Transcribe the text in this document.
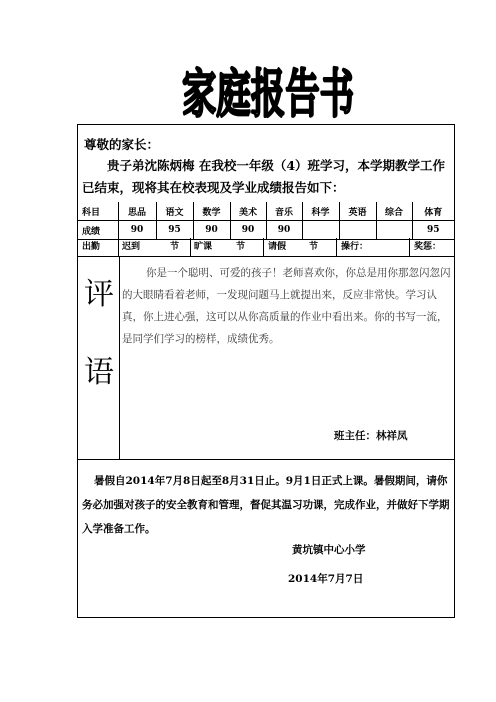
家庭报告书
尊敬的家长：
贵子弟沈陈炳梅 在我校一年级（4）班学习，本学期教学工作已结束，现将其在校表现及学业成绩报告如下：
科目	思品	语文	数学	美术	音乐	科学	英语	综合	体育
成绩	90	95	90	90	90				95
出勤 迟到	节 旷课	节	请假	节	操行：	奖惩：
评
语
你是一个聪明、可爱的孩子！老师喜欢你，你总是用你那忽闪忽闪的大眼睛看着老师，一发现问题马上就提出来，反应非常快。学习认真，你上进心强，这可以从你高质量的作业中看出来。你的书写一流，是同学们学习的榜样，成绩优秀。
班主任：林祥凤
暑假自2014年7月8日起至8月31日止。9月1日正式上课。暑假期间，请你务必加强对孩子的安全教育和管理，督促其温习功课，完成作业，并做好下学期入学准备工作。
黄坑镇中心小学
2014年7月7日
